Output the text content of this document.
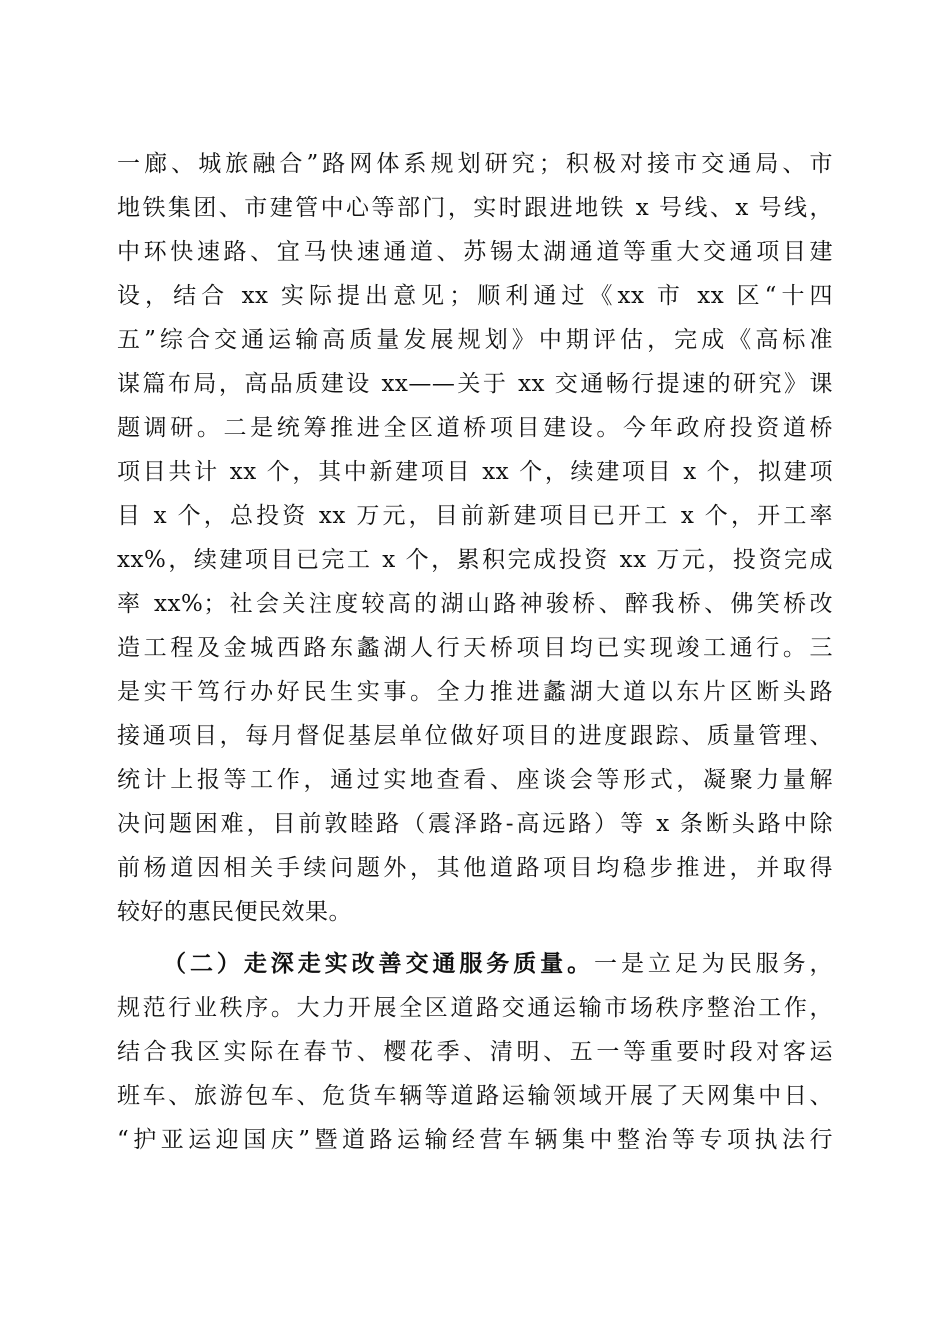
一廊、城旅融合”路网体系规划研究；积极对接市交通局、市
地铁集团、市建管中心等部门，实时跟进地铁 x 号线、x 号线，
中环快速路、宜马快速通道、苏锡太湖通道等重大交通项目建
设，结合 xx 实际提出意见；顺利通过《xx 市 xx 区“十四
五”综合交通运输高质量发展规划》中期评估，完成《高标准
谋篇布局，高品质建设 xx——关于 xx 交通畅行提速的研究》课
题调研。二是统筹推进全区道桥项目建设。今年政府投资道桥
项目共计 xx 个，其中新建项目 xx 个，续建项目 x 个，拟建项
目 x 个，总投资 xx 万元，目前新建项目已开工 x 个，开工率
xx%，续建项目已完工 x 个，累积完成投资 xx 万元，投资完成
率 xx%；社会关注度较高的湖山路神骏桥、醉我桥、佛笑桥改
造工程及金城西路东蠡湖人行天桥项目均已实现竣工通行。三
是实干笃行办好民生实事。全力推进蠡湖大道以东片区断头路
接通项目，每月督促基层单位做好项目的进度跟踪、质量管理、
统计上报等工作，通过实地查看、座谈会等形式，凝聚力量解
决问题困难，目前敦睦路（震泽路-高远路）等 x 条断头路中除
前杨道因相关手续问题外，其他道路项目均稳步推进，并取得
较好的惠民便民效果。
（二）走深走实改善交通服务质量。一是立足为民服务，
规范行业秩序。大力开展全区道路交通运输市场秩序整治工作，
结合我区实际在春节、樱花季、清明、五一等重要时段对客运
班车、旅游包车、危货车辆等道路运输领域开展了天网集中日、
“护亚运迎国庆”暨道路运输经营车辆集中整治等专项执法行
